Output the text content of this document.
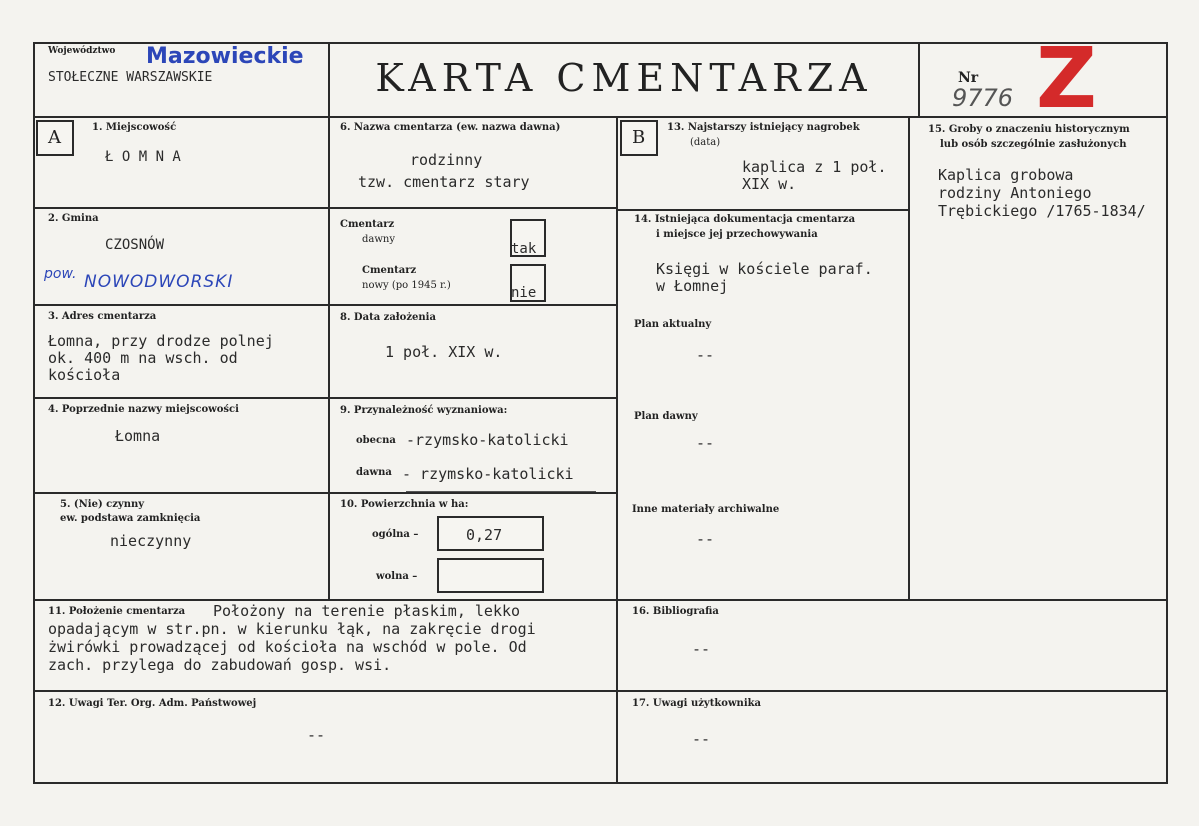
Województwo Mazowieckie
STOŁECZNE WARSZAWSKIE	KARTA CMENTARZA	Nr
9776 Z
A	1. Miejscowość
Ł O M N A
2. Gmina
CZOSNÓW
pow. NOWODWORSKI
3. Adres cmentarza
Łomna, przy drodze polnej
ok. 400 m na wsch. od
kościoła
4. Poprzednie nazwy miejscowości
Łomna
5. (Nie) czynny
ew. podstawa zamknięcia
nieczynny
6. Nazwa cmentarza (ew. nazwa dawna)
rodzinny
tzw. cmentarz stary
Cmentarz
dawny
tak
Cmentarz
nowy (po 1945 r.)	nie
8. Data założenia
1 poł. XIX w.
9. Przynależność wyznaniowa:
obecna -rzymsko-katolicki
dawna - rzymsko-katolicki
10. Powierzchnia w ha:
ogólna –	0,27
wolna –
11. Położenie cmentarza Położony na terenie płaskim, lekko
opadającym w str.pn. w kierunku łąk, na zakręcie drogi
żwirówki prowadzącej od kościoła na wschód w pole. Od
zach. przylega do zabudowań gosp. wsi.
12. Uwagi Ter. Org. Adm. Państwowej
--
B 13. Najstarszy istniejący nagrobek
(data)
kaplica z 1 poł.
XIX w.
14. Istniejąca dokumentacja cmentarza
i miejsce jej przechowywania
Księgi w kościele paraf.
w Łomnej
Plan aktualny
--
Plan dawny
--
Inne materiały archiwalne
--
15. Groby o znaczeniu historycznym
lub osób szczególnie zasłużonych
Kaplica grobowa
rodziny Antoniego
Trębickiego /1765-1834/
16. Bibliografia
--
17. Uwagi użytkownika
--
